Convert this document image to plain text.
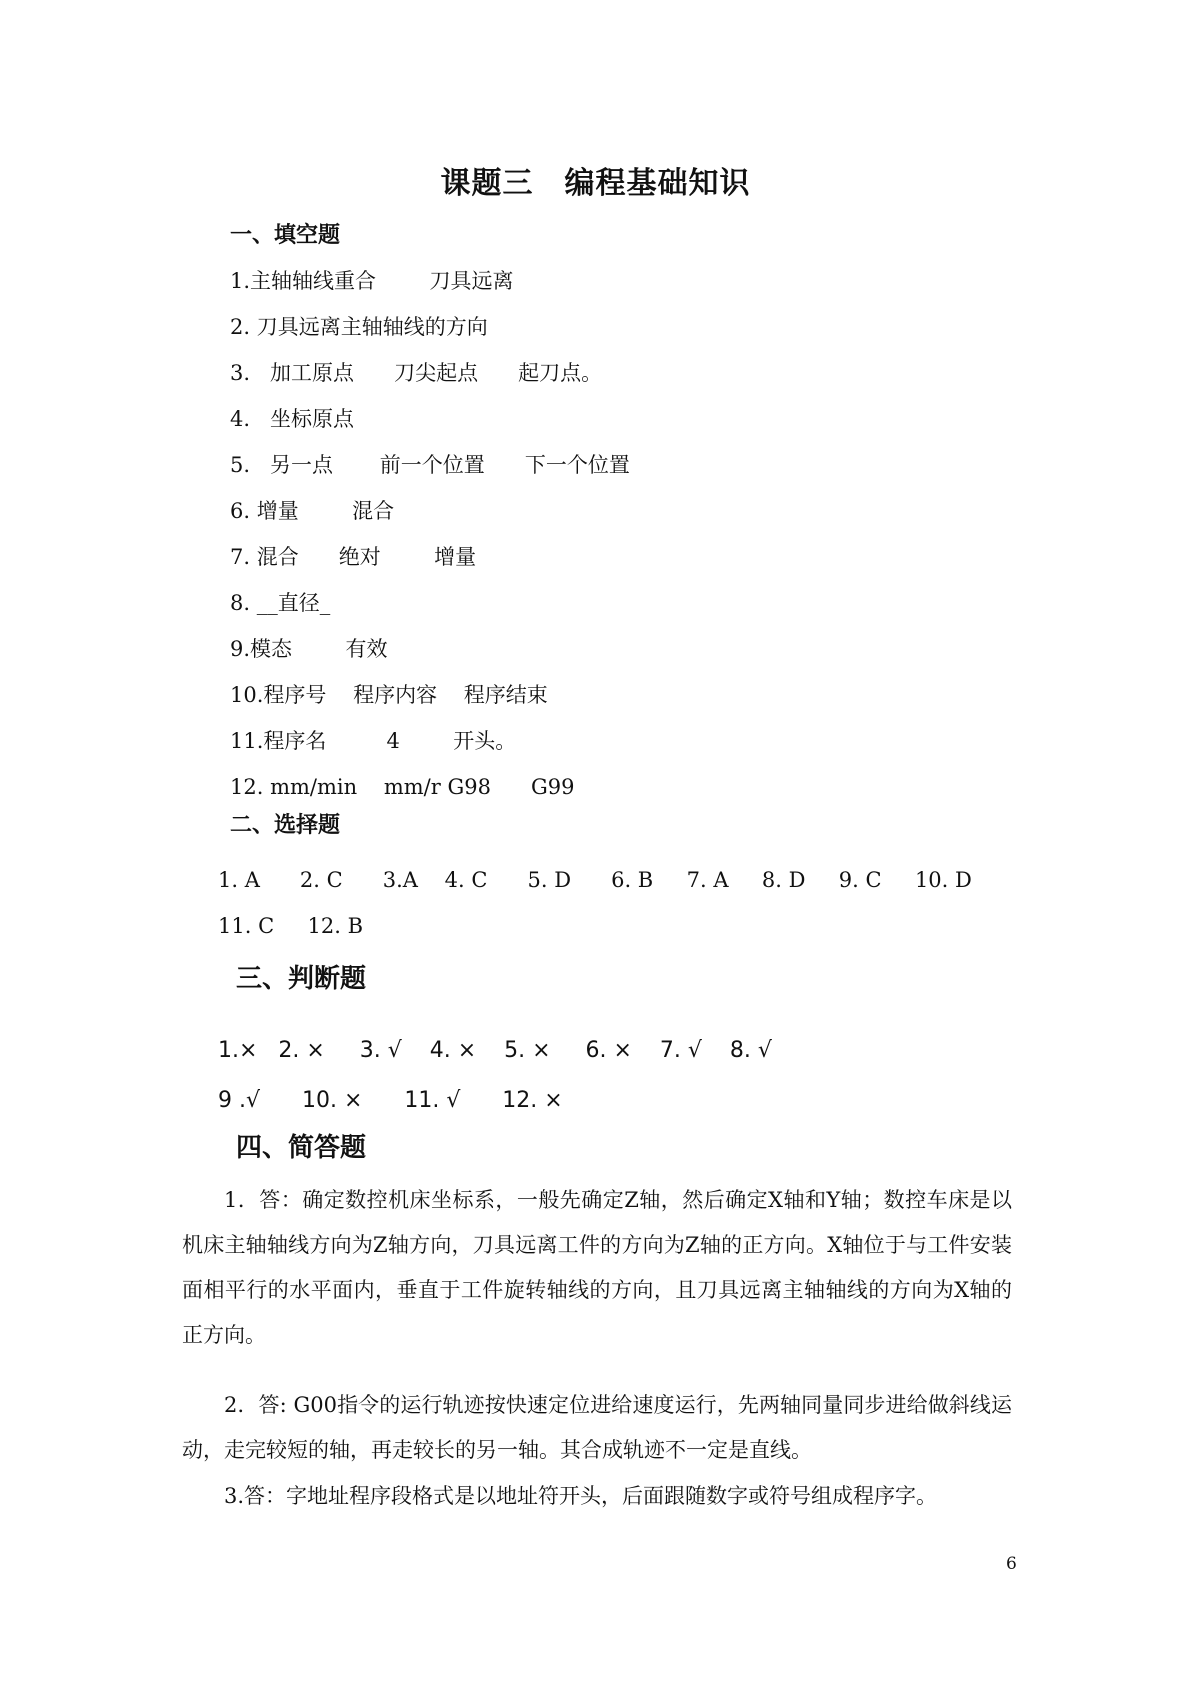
课题三　编程基础知识
一、填空题
1.主轴轴线重合        刀具远离
2. 刀具远离主轴轴线的方向
3.   加工原点      刀尖起点      起刀点。
4.   坐标原点
5.   另一点       前一个位置      下一个位置
6. 增量        混合
7. 混合      绝对        增量
8. __直径_
9.模态        有效
10.程序号    程序内容    程序结束
11.程序名         4        开头。
12. mm/min    mm/r G98      G99
二、选择题
1. A      2. C      3.A    4. C      5. D      6. B     7. A     8. D     9. C     10. D
11. C     12. B
三、判断题
1.×   2. ×     3. √    4. ×    5. ×     6. ×    7. √    8. √
9 .√      10. ×      11. √      12. ×
四、简答题

1．答：确定数控机床坐标系，一般先确定Z轴，然后确定X轴和Y轴；数控车床是以机床主轴轴线方向为Z轴方向，刀具远离工件的方向为Z轴的正方向。X轴位于与工件安装面相平行的水平面内，垂直于工件旋转轴线的方向，且刀具远离主轴轴线的方向为X轴的正方向。

2．答: G00指令的运行轨迹按快速定位进给速度运行，先两轴同量同步进给做斜线运动，走完较短的轴，再走较长的另一轴。其合成轨迹不一定是直线。

3.答：字地址程序段格式是以地址符开头，后面跟随数字或符号组成程序字。

6
